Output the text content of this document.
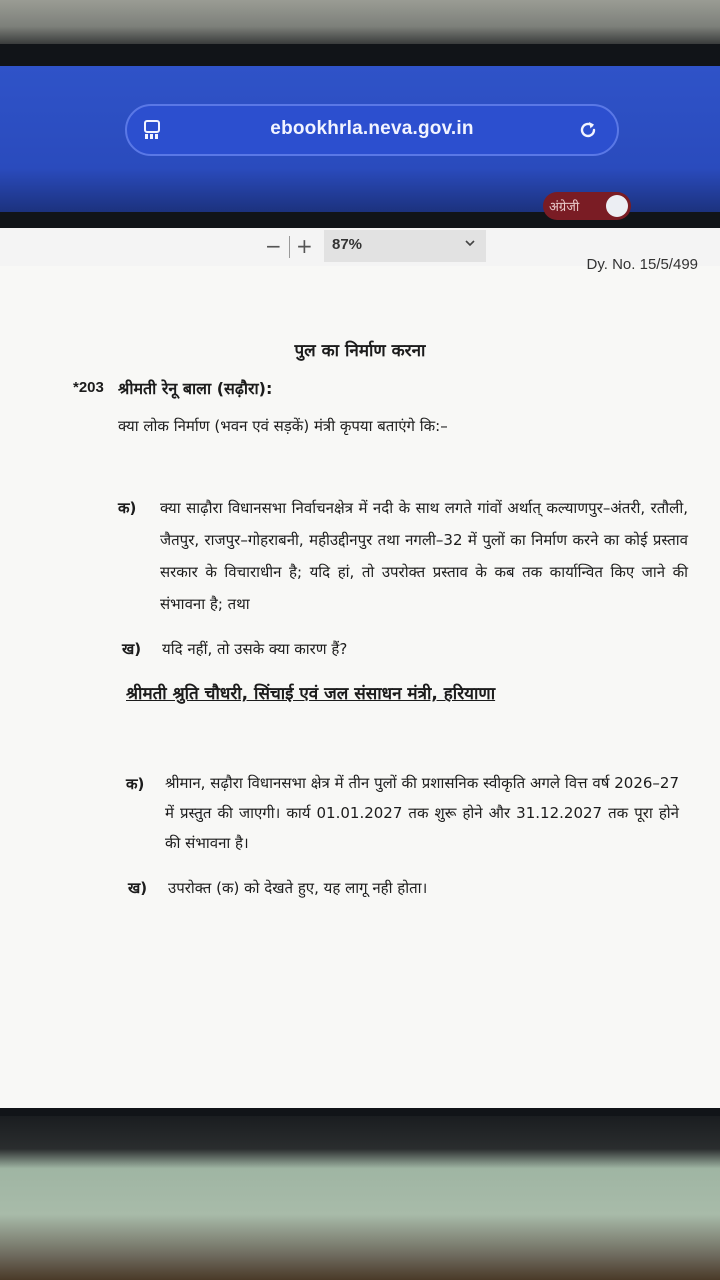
ebookhrla.neva.gov.in
अंग्रेजी
− + 87%
Dy. No. 15/5/499
पुल का निर्माण करना
*203 श्रीमती रेनू बाला (सढ़ौरा):
क्या लोक निर्माण (भवन एवं सड़कें) मंत्री कृपया बताएंगे कि:–
क) क्या साढ़ौरा विधानसभा निर्वाचनक्षेत्र में नदी के साथ लगते गांवों अर्थात् कल्याणपुर–अंतरी, रतौली, जैतपुर, राजपुर–गोहराबनी, महीउद्दीनपुर तथा नगली–32 में पुलों का निर्माण करने का कोई प्रस्ताव सरकार के विचाराधीन है; यदि हां, तो उपरोक्त प्रस्ताव के कब तक कार्यान्वित किए जाने की संभावना है; तथा
ख) यदि नहीं, तो उसके क्या कारण हैं?
श्रीमती श्रुति चौधरी, सिंचाई एवं जल संसाधन मंत्री, हरियाणा
क) श्रीमान, सढ़ौरा विधानसभा क्षेत्र में तीन पुलों की प्रशासनिक स्वीकृति अगले वित्त वर्ष 2026–27 में प्रस्तुत की जाएगी। कार्य 01.01.2027 तक शुरू होने और 31.12.2027 तक पूरा होने की संभावना है।
ख) उपरोक्त (क) को देखते हुए, यह लागू नही होता।
